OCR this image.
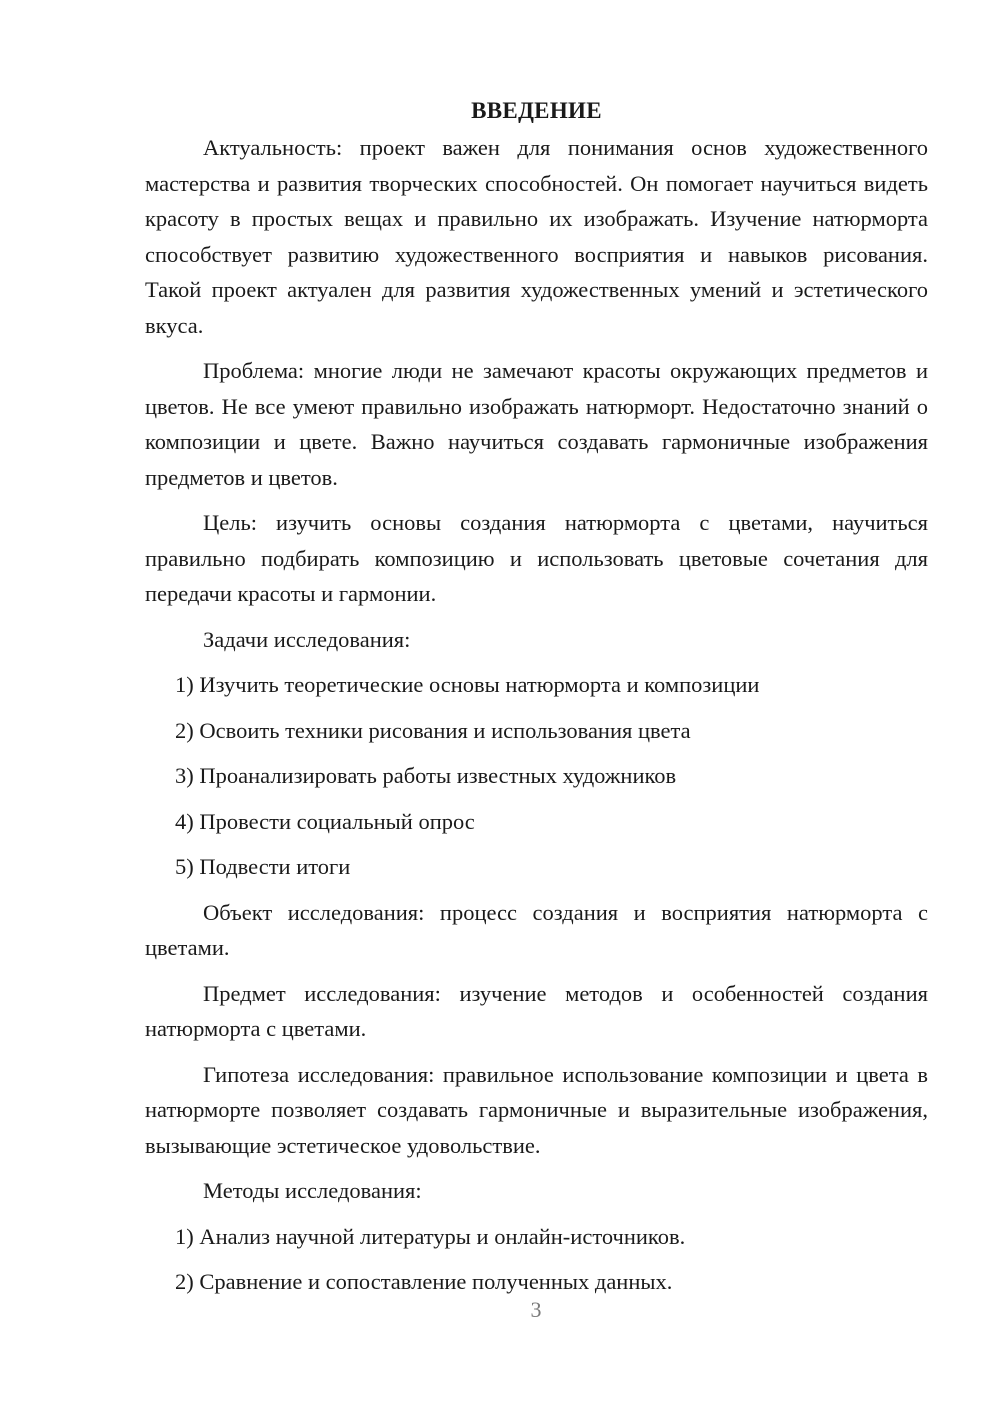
ВВЕДЕНИЕ

Актуальность: проект важен для понимания основ художественного мастерства и развития творческих способностей. Он помогает научиться видеть красоту в простых вещах и правильно их изображать. Изучение натюрморта способствует развитию художественного восприятия и навыков рисования. Такой проект актуален для развития художественных умений и эстетического вкуса.

Проблема: многие люди не замечают красоты окружающих предметов и цветов. Не все умеют правильно изображать натюрморт. Недостаточно знаний о композиции и цвете. Важно научиться создавать гармоничные изображения предметов и цветов.

Цель: изучить основы создания натюрморта с цветами, научиться правильно подбирать композицию и использовать цветовые сочетания для передачи красоты и гармонии.

Задачи исследования:

1) Изучить теоретические основы натюрморта и композиции

2) Освоить техники рисования и использования цвета

3) Проанализировать работы известных художников

4) Провести социальный опрос

5) Подвести итоги

Объект исследования: процесс создания и восприятия натюрморта с цветами.

Предмет исследования: изучение методов и особенностей создания натюрморта с цветами.

Гипотеза исследования: правильное использование композиции и цвета в натюрморте позволяет создавать гармоничные и выразительные изображения, вызывающие эстетическое удовольствие.

Методы исследования:

1) Анализ научной литературы и онлайн-источников.

2) Сравнение и сопоставление полученных данных.

3
